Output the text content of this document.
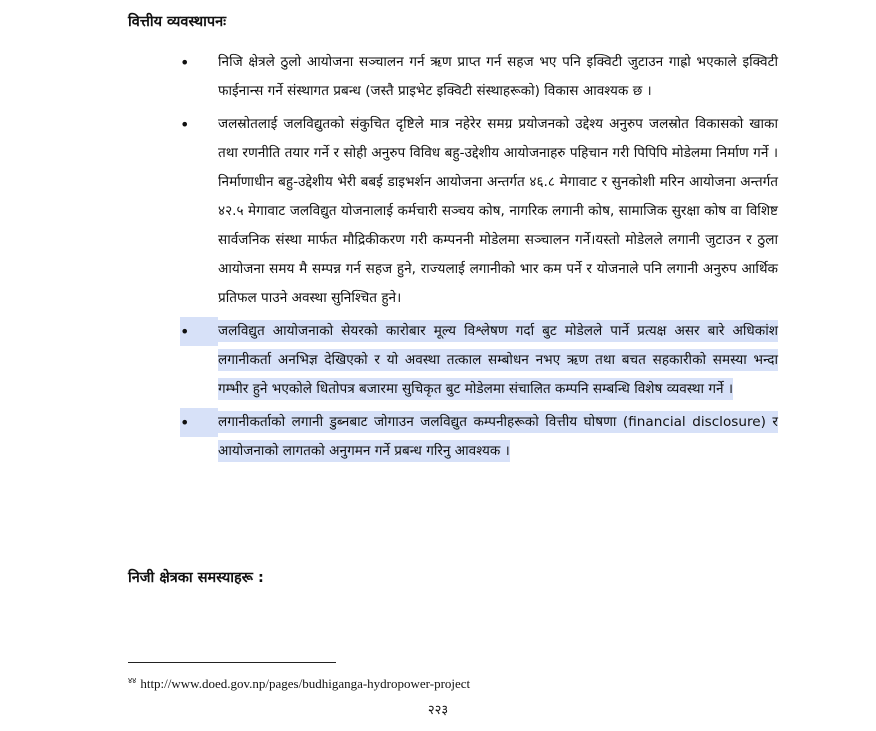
वित्तीय व्यवस्थापनः
• निजि क्षेत्रले ठुलो आयोजना सञ्चालन गर्न ऋण प्राप्त गर्न सहज भए पनि इक्विटी जुटाउन गाह्रो भएकाले इक्विटी फाईनान्स गर्ने संस्थागत प्रबन्ध (जस्तै प्राइभेट इक्विटी संस्थाहरूको) विकास आवश्यक छ ।

• जलस्रोतलाई जलविद्युतको संकुचित दृष्टिले मात्र नहेरेर समग्र प्रयोजनको उद्देश्य अनुरुप जलस्रोत विकासको खाका तथा रणनीति तयार गर्ने र सोही अनुरुप विविध बहु-उद्देशीय आयोजनाहरु पहिचान गरी पिपिपि मोडेलमा निर्माण गर्ने । निर्माणाधीन बहु-उद्देशीय भेरी बबई डाइभर्शन आयोजना अन्तर्गत ४६.८ मेगावाट र सुनकोशी मरिन आयोजना अन्तर्गत ४२.५ मेगावाट जलविद्युत योजनालाई कर्मचारी सञ्चय कोष, नागरिक लगानी कोष, सामाजिक सुरक्षा कोष वा विशिष्ट सार्वजनिक संस्था मार्फत मौद्रिकीकरण गरी कम्पननी मोडेलमा सञ्चालन गर्ने।यस्तो मोडेलले लगानी जुटाउन र ठुला आयोजना समय मै सम्पन्न गर्न सहज हुने, राज्यलाई लगानीको भार कम पर्ने र योजनाले पनि लगानी अनुरुप आर्थिक प्रतिफल पाउने अवस्था सुनिश्चित हुने।

•	जलविद्युत आयोजनाको सेयरको कारोबार मूल्य विश्लेषण गर्दा बुट मोडेलले पार्ने प्रत्यक्ष असर बारे अधिकांश लगानीकर्ता अनभिज्ञ देखिएको र यो अवस्था तत्काल सम्बोधन नभए ऋण तथा बचत सहकारीको समस्या भन्दा गम्भीर हुने भएकोले धितोपत्र बजारमा सुचिकृत बुट मोडेलमा संचालित कम्पनि सम्बन्धि विशेष व्यवस्था गर्ने ।

•	लगानीकर्ताको लगानी डुब्नबाट जोगाउन जलविद्युत कम्पनीहरूको वित्तीय घोषणा (financial disclosure) र आयोजनाको लागतको अनुगमन गर्ने प्रबन्ध गरिनु आवश्यक ।

निजी क्षेत्रका समस्याहरू :
$^{४४}$ http://www.doed.gov.np/pages/budhiganga-hydropower-project
२२३
